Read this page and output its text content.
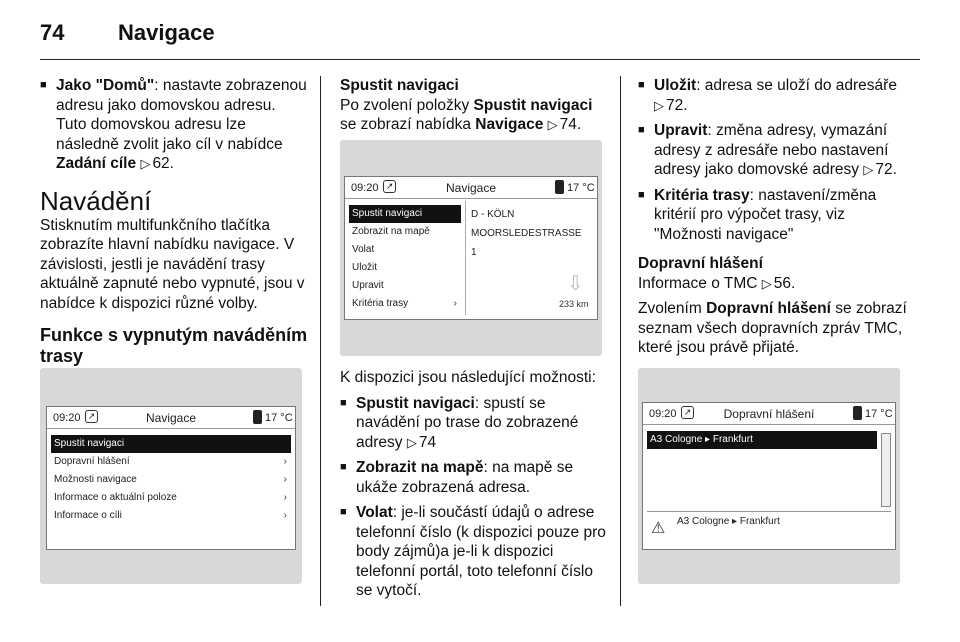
74 Navigace
■ Jako "Domů": nastavte zobrazenou adresu jako domovskou adresu. Tuto domovskou adresu lze následně zvolit jako cíl v nabídce Zadání cíle ▷ 62.
Navádění

Stisknutím multifunkčního tlačítka zobrazíte hlavní nabídku navigace. V závislosti, jestli je navádění trasy aktuálně zapnuté nebo vypnuté, jsou v nabídce k dispozici různé volby.

Funkce s vypnutým naváděním trasy
09:20 ↗	Navigace	17 °C
Spustit navigaci
Dopravní hlášení	›
Možnosti navigace	›
Informace o aktuální poloze	›
Informace o cíli	›
Spustit navigaci

Po zvolení položky Spustit navigaci se zobrazí nabídka Navigace ▷ 74.

09:20 ↗	Navigace	17 °C
Spustit navigaci
Zobrazit na mapě
Volat
Uložit
Upravit
Kritéria trasy	›
D - KÖLN
MOORSLEDESTRASSE
1
⇩
233 km

K dispozici jsou následující možnosti:

■ Spustit navigaci: spustí se navádění po trase do zobrazené adresy ▷ 74
■ Zobrazit na mapě: na mapě se ukáže zobrazená adresa.
■ Volat: je-li součástí údajů o adrese telefonní číslo (k dispozici pouze pro body zájmů)a je-li k dispozici telefonní portál, toto telefonní číslo se vytočí.
■ Uložit: adresa se uloží do adresáře ▷ 72.
■ Upravit: změna adresy, vymazání adresy z adresáře nebo nastavení adresy jako domovské adresy ▷ 72.
■ Kritéria trasy: nastavení/změna kritérií pro výpočet trasy, viz "Možnosti navigace"
Dopravní hlášení

Informace o TMC ▷ 56.

Zvolením Dopravní hlášení se zobrazí seznam všech dopravních zpráv TMC, které jsou právě přijaté.

09:20 ↗	Dopravní hlášení	17 °C
A3 Cologne ▸ Frankfurt
⚠	A3 Cologne ▸ Frankfurt
